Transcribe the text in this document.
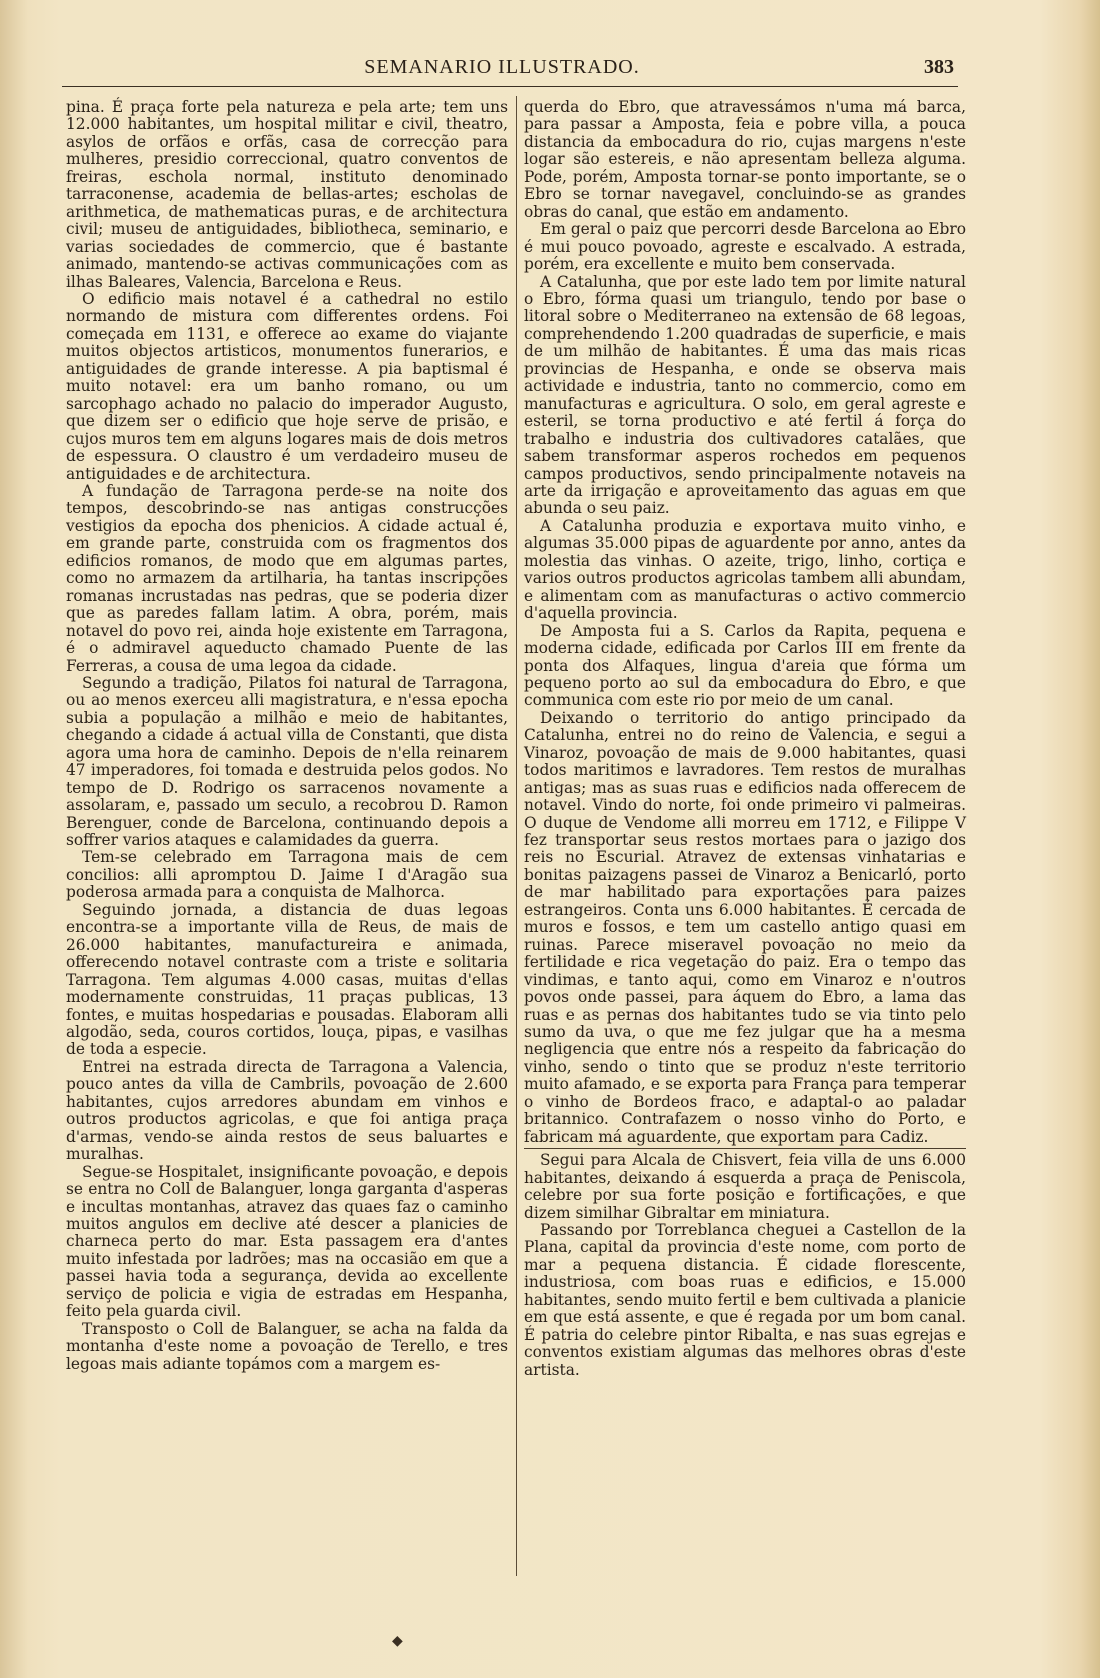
SEMANARIO ILLUSTRADO.	383

pina. É praça forte pela natureza e pela arte; tem uns 12.000 habitantes, um hospital militar e civil, theatro, asylos de orfãos e orfãs, casa de correcção para mulheres, presidio correccional, quatro conventos de freiras, eschola normal, instituto denominado tarraconense, academia de bellas-artes; escholas de arithmetica, de mathematicas puras, e de architectura civil; museu de antiguidades, bibliotheca, seminario, e varias sociedades de commercio, que é bastante animado, mantendo-se activas communicações com as ilhas Baleares, Valencia, Barcelona e Reus.

O edificio mais notavel é a cathedral no estilo normando de mistura com differentes ordens. Foi começada em 1131, e offerece ao exame do viajante muitos objectos artisticos, monumentos funerarios, e antiguidades de grande interesse. A pia baptismal é muito notavel: era um banho romano, ou um sarcophago achado no palacio do imperador Augusto, que dizem ser o edificio que hoje serve de prisão, e cujos muros tem em alguns logares mais de dois metros de espessura. O claustro é um verdadeiro museu de antiguidades e de architectura.

A fundação de Tarragona perde-se na noite dos tempos, descobrindo-se nas antigas construcções vestigios da epocha dos phenicios. A cidade actual é, em grande parte, construida com os fragmentos dos edificios romanos, de modo que em algumas partes, como no armazem da artilharia, ha tantas inscripções romanas incrustadas nas pedras, que se poderia dizer que as paredes fallam latim. A obra, porém, mais notavel do povo rei, ainda hoje existente em Tarragona, é o admiravel aqueducto chamado Puente de las Ferreras, a cousa de uma legoa da cidade.

Segundo a tradição, Pilatos foi natural de Tarragona, ou ao menos exerceu alli magistratura, e n'essa epocha subia a população a milhão e meio de habitantes, chegando a cidade á actual villa de Constanti, que dista agora uma hora de caminho. Depois de n'ella reinarem 47 imperadores, foi tomada e destruida pelos godos. No tempo de D. Rodrigo os sarracenos novamente a assolaram, e, passado um seculo, a recobrou D. Ramon Berenguer, conde de Barcelona, continuando depois a soffrer varios ataques e calamidades da guerra.

Tem-se celebrado em Tarragona mais de cem concilios: alli apromptou D. Jaime I d'Aragão sua poderosa armada para a conquista de Malhorca.

Seguindo jornada, a distancia de duas legoas encontra-se a importante villa de Reus, de mais de 26.000 habitantes, manufactureira e animada, offerecendo notavel contraste com a triste e solitaria Tarragona. Tem algumas 4.000 casas, muitas d'ellas modernamente construidas, 11 praças publicas, 13 fontes, e muitas hospedarias e pousadas. Elaboram alli algodão, seda, couros cortidos, louça, pipas, e vasilhas de toda a especie.

Entrei na estrada directa de Tarragona a Valencia, pouco antes da villa de Cambrils, povoação de 2.600 habitantes, cujos arredores abundam em vinhos e outros productos agricolas, e que foi antiga praça d'armas, vendo-se ainda restos de seus baluartes e muralhas.

Segue-se Hospitalet, insignificante povoação, e depois se entra no Coll de Balanguer, longa garganta d'asperas e incultas montanhas, atravez das quaes faz o caminho muitos angulos em declive até descer a planicies de charneca perto do mar. Esta passagem era d'antes muito infestada por ladrões; mas na occasião em que a passei havia toda a segurança, devida ao excellente serviço de policia e vigia de estradas em Hespanha, feito pela guarda civil.

Transposto o Coll de Balanguer, se acha na falda da montanha d'este nome a povoação de Terello, e tres legoas mais adiante topámos com a margem es-

querda do Ebro, que atravessámos n'uma má barca, para passar a Amposta, feia e pobre villa, a pouca distancia da embocadura do rio, cujas margens n'este logar são estereis, e não apresentam belleza alguma. Pode, porém, Amposta tornar-se ponto importante, se o Ebro se tornar navegavel, concluindo-se as grandes obras do canal, que estão em andamento.

Em geral o paiz que percorri desde Barcelona ao Ebro é mui pouco povoado, agreste e escalvado. A estrada, porém, era excellente e muito bem conservada.

A Catalunha, que por este lado tem por limite natural o Ebro, fórma quasi um triangulo, tendo por base o litoral sobre o Mediterraneo na extensão de 68 legoas, comprehendendo 1.200 quadradas de superficie, e mais de um milhão de habitantes. É uma das mais ricas provincias de Hespanha, e onde se observa mais actividade e industria, tanto no commercio, como em manufacturas e agricultura. O solo, em geral agreste e esteril, se torna productivo e até fertil á força do trabalho e industria dos cultivadores catalães, que sabem transformar asperos rochedos em pequenos campos productivos, sendo principalmente notaveis na arte da irrigação e aproveitamento das aguas em que abunda o seu paiz.

A Catalunha produzia e exportava muito vinho, e algumas 35.000 pipas de aguardente por anno, antes da molestia das vinhas. O azeite, trigo, linho, cortiça e varios outros productos agricolas tambem alli abundam, e alimentam com as manufacturas o activo commercio d'aquella provincia.

De Amposta fui a S. Carlos da Rapita, pequena e moderna cidade, edificada por Carlos III em frente da ponta dos Alfaques, lingua d'areia que fórma um pequeno porto ao sul da embocadura do Ebro, e que communica com este rio por meio de um canal.

Deixando o territorio do antigo principado da Catalunha, entrei no do reino de Valencia, e segui a Vinaroz, povoação de mais de 9.000 habitantes, quasi todos maritimos e lavradores. Tem restos de muralhas antigas; mas as suas ruas e edificios nada offerecem de notavel. Vindo do norte, foi onde primeiro vi palmeiras. O duque de Vendome alli morreu em 1712, e Filippe V fez transportar seus restos mortaes para o jazigo dos reis no Escurial. Atravez de extensas vinhatarias e bonitas paizagens passei de Vinaroz a Benicarló, porto de mar habilitado para exportações para paizes estrangeiros. Conta uns 6.000 habitantes. É cercada de muros e fossos, e tem um castello antigo quasi em ruinas. Parece miseravel povoação no meio da fertilidade e rica vegetação do paiz. Era o tempo das vindimas, e tanto aqui, como em Vinaroz e n'outros povos onde passei, para áquem do Ebro, a lama das ruas e as pernas dos habitantes tudo se via tinto pelo sumo da uva, o que me fez julgar que ha a mesma negligencia que entre nós a respeito da fabricação do vinho, sendo o tinto que se produz n'este territorio muito afamado, e se exporta para França para temperar o vinho de Bordeos fraco, e adaptal-o ao paladar britannico. Contrafazem o nosso vinho do Porto, e fabricam má aguardente, que exportam para Cadiz.

Segui para Alcala de Chisvert, feia villa de uns 6.000 habitantes, deixando á esquerda a praça de Peniscola, celebre por sua forte posição e fortificações, e que dizem similhar Gibraltar em miniatura.

Passando por Torreblanca cheguei a Castellon de la Plana, capital da provincia d'este nome, com porto de mar a pequena distancia. É cidade florescente, industriosa, com boas ruas e edificios, e 15.000 habitantes, sendo muito fertil e bem cultivada a planicie em que está assente, e que é regada por um bom canal. É patria do celebre pintor Ribalta, e nas suas egrejas e conventos existiam algumas das melhores obras d'este artista.

◆
